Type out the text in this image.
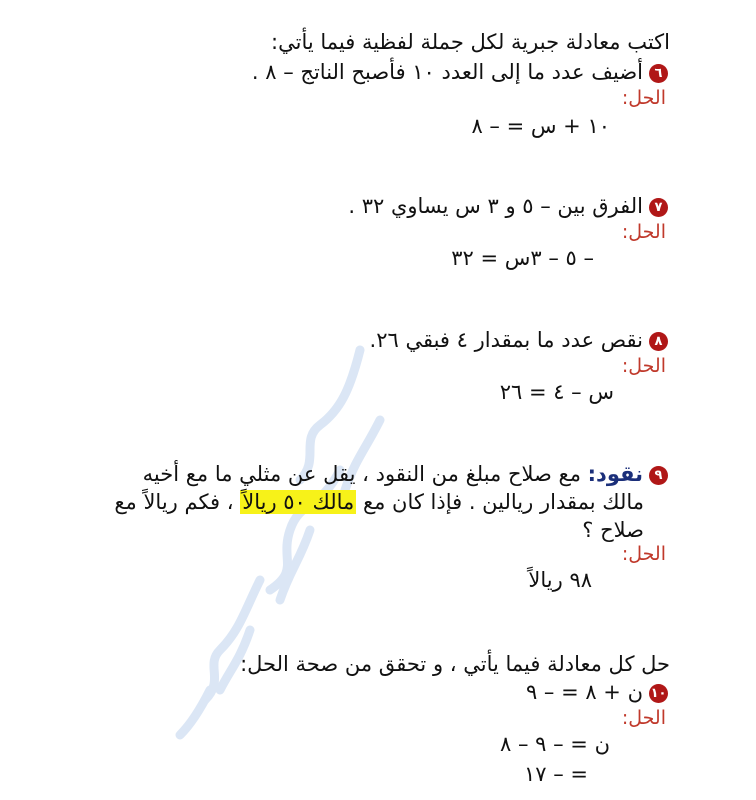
اكتب معادلة جبرية لكل جملة لفظية فيما يأتي:
٦أضيف عدد ما إلى العدد ١٠ فأصبح الناتج – ٨ .
الحل:
١٠ + س = – ٨
٧الفرق بين – ٥ و ٣ س يساوي ٣٢ .
الحل:
– ٥ – ٣س = ٣٢
٨نقص عدد ما بمقدار ٤ فبقي ٢٦.
الحل:
س – ٤ = ٢٦
٩نقود: مع صلاح مبلغ من النقود ، يقل عن مثلي ما مع أخيه
مالك بمقدار ريالين . فإذا كان مع مالك ٥٠ ريالاً ، فكم ريالاً مع
صلاح ؟
الحل:
٩٨ ريالاً
حل كل معادلة فيما يأتي ، و تحقق من صحة الحل:
١٠ن + ٨ = – ٩
الحل:
ن = – ٩ – ٨
= – ١٧
